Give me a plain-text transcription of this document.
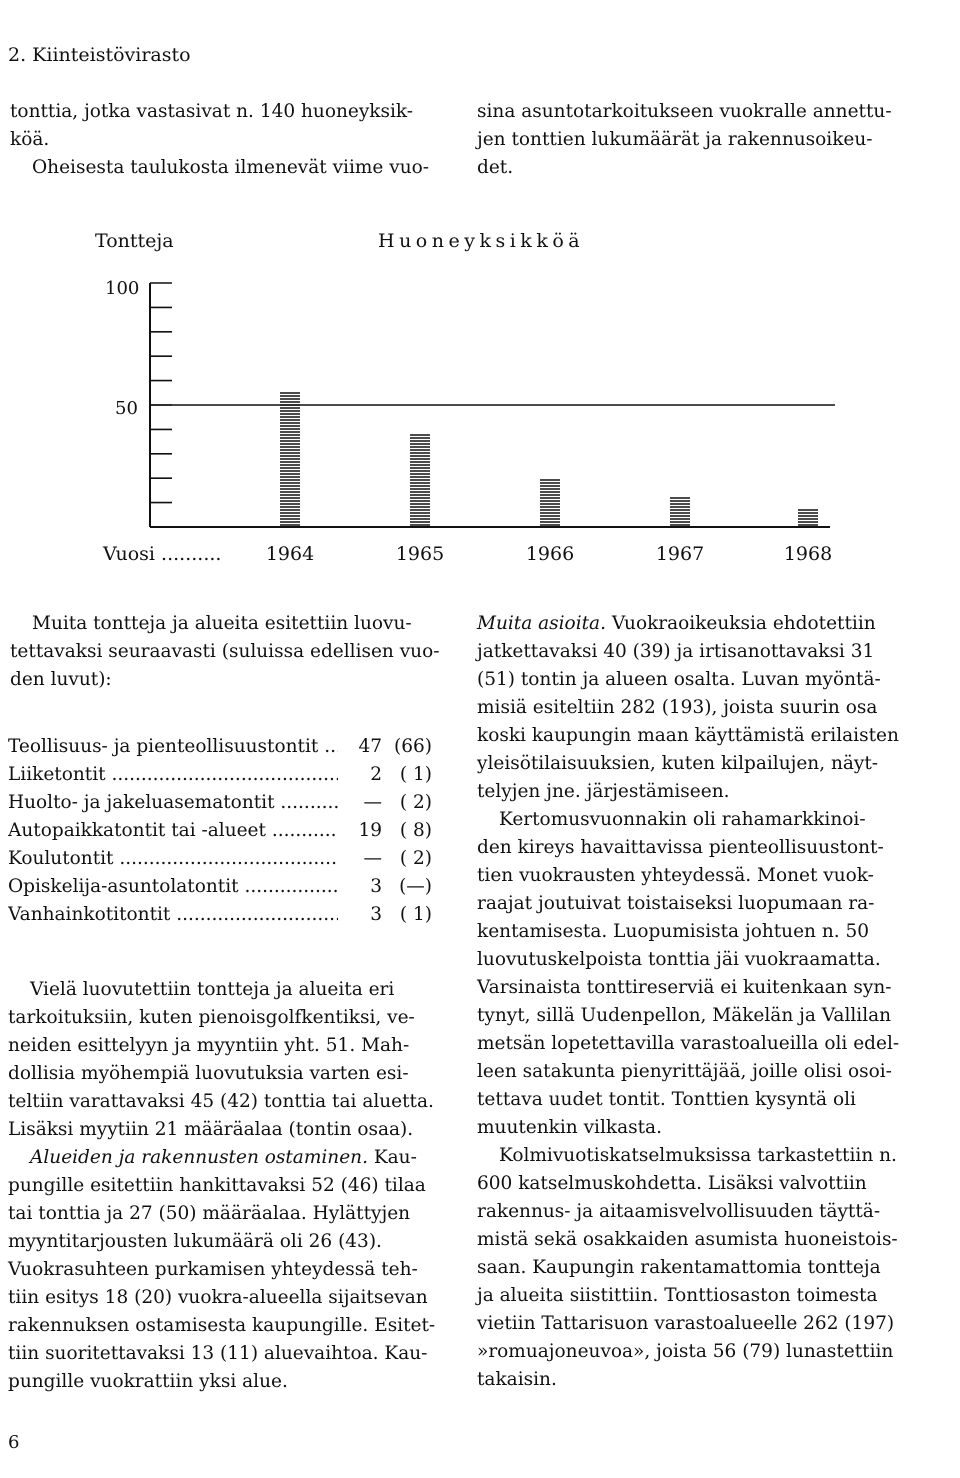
2. Kiinteistövirasto

tonttia, jotka vastasivat n. 140 huoneyksik-

köä.

Oheisesta taulukosta ilmenevät viime vuo-

sina asuntotarkoitukseen vuokralle annettu-

jen tonttien lukumäärät ja rakennusoikeu-

det.

Tontteja	Huoneyksikköä
100
50
Vuosi .......... 1964	1965	1966	1967	1968

Muita tontteja ja alueita esitettiin luovu-

tettavaksi seuraavasti (suluissa edellisen vuo-

den luvut):

Teollisuus- ja pienteollisuustontit .....	47 (66)
Liiketontit .....	2 ( 1)
Huolto- ja jakeluasematontit .....	— ( 2)
Autopaikkatontit tai -alueet .....	19 ( 8)
Koulutontit .....	— ( 2)
Opiskelija-asuntolatontit .....	3 (—)
Vanhainkotitontit .....	3 ( 1)

Vielä luovutettiin tontteja ja alueita eri

tarkoituksiin, kuten pienoisgolfkentiksi, ve-

neiden esittelyyn ja myyntiin yht. 51. Mah-

dollisia myöhempiä luovutuksia varten esi-

teltiin varattavaksi 45 (42) tonttia tai aluetta.

Lisäksi myytiin 21 määräalaa (tontin osaa).

Alueiden ja rakennusten ostaminen. Kau-

pungille esitettiin hankittavaksi 52 (46) tilaa

tai tonttia ja 27 (50) määräalaa. Hylättyjen

myyntitarjousten lukumäärä oli 26 (43).

Vuokrasuhteen purkamisen yhteydessä teh-

tiin esitys 18 (20) vuokra-alueella sijaitsevan

rakennuksen ostamisesta kaupungille. Esitet-

tiin suoritettavaksi 13 (11) aluevaihtoa. Kau-

pungille vuokrattiin yksi alue.

Muita asioita. Vuokraoikeuksia ehdotettiin

jatkettavaksi 40 (39) ja irtisanottavaksi 31

(51) tontin ja alueen osalta. Luvan myöntä-

misiä esiteltiin 282 (193), joista suurin osa

koski kaupungin maan käyttämistä erilaisten

yleisötilaisuuksien, kuten kilpailujen, näyt-

telyjen jne. järjestämiseen.

Kertomusvuonnakin oli rahamarkkinoi-

den kireys havaittavissa pienteollisuustont-

tien vuokrausten yhteydessä. Monet vuok-

raajat joutuivat toistaiseksi luopumaan ra-

kentamisesta. Luopumisista johtuen n. 50

luovutuskelpoista tonttia jäi vuokraamatta.

Varsinaista tonttireserviä ei kuitenkaan syn-

tynyt, sillä Uudenpellon, Mäkelän ja Vallilan

metsän lopetettavilla varastoalueilla oli edel-

leen satakunta pienyrittäjää, joille olisi osoi-

tettava uudet tontit. Tonttien kysyntä oli

muutenkin vilkasta.

Kolmivuotiskatselmuksissa tarkastettiin n.

600 katselmuskohdetta. Lisäksi valvottiin

rakennus- ja aitaamisvelvollisuuden täyttä-

mistä sekä osakkaiden asumista huoneistois-

saan. Kaupungin rakentamattomia tontteja

ja alueita siistittiin. Tonttiosaston toimesta

vietiin Tattarisuon varastoalueelle 262 (197)

»romuajoneuvoa», joista 56 (79) lunastettiin

takaisin.

6
